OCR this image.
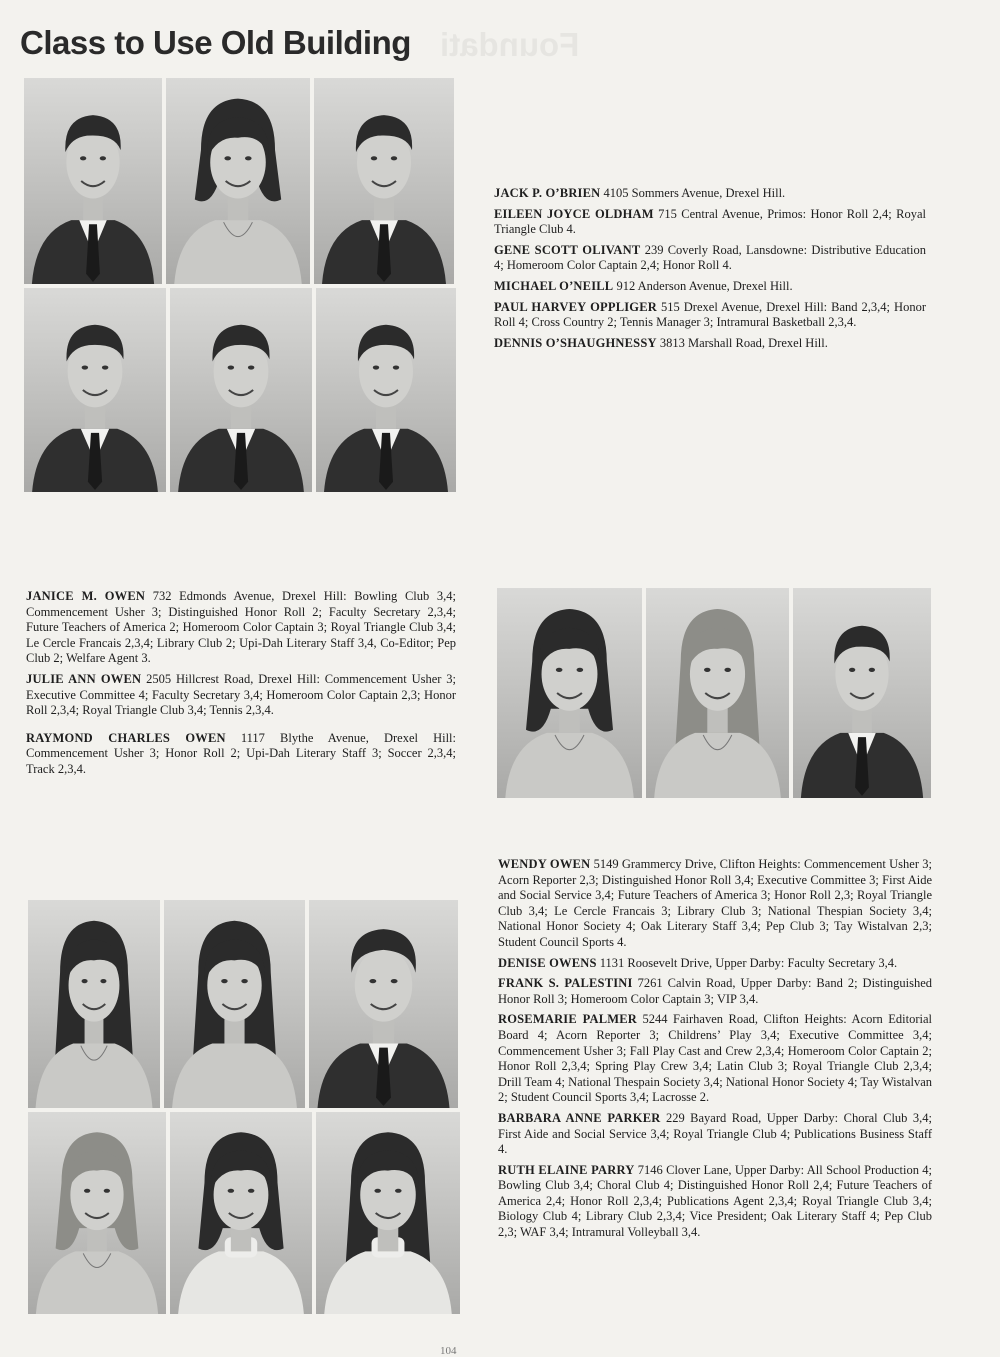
Class to Use Old Building Foundati

JACK P. O’BRIEN 4105 Sommers Avenue, Drexel Hill.

EILEEN JOYCE OLDHAM 715 Central Avenue, Primos: Honor Roll 2,4; Royal Triangle Club 4.

GENE SCOTT OLIVANT 239 Coverly Road, Lansdowne: Distributive Education 4; Homeroom Color Captain 2,4; Honor Roll 4.

MICHAEL O’NEILL 912 Anderson Avenue, Drexel Hill.

PAUL HARVEY OPPLIGER 515 Drexel Avenue, Drexel Hill: Band 2,3,4; Honor Roll 4; Cross Country 2; Tennis Manager 3; Intramural Basketball 2,3,4.

DENNIS O’SHAUGHNESSY 3813 Marshall Road, Drexel Hill.

JANICE M. OWEN 732 Edmonds Avenue, Drexel Hill: Bowling Club 3,4; Commencement Usher 3; Distinguished Honor Roll 2; Faculty Secretary 2,3,4; Future Teachers of America 2; Homeroom Color Captain 3; Royal Triangle Club 3,4; Le Cercle Francais 2,3,4; Library Club 2; Upi-Dah Literary Staff 3,4, Co-Editor; Pep Club 2; Welfare Agent 3.

JULIE ANN OWEN 2505 Hillcrest Road, Drexel Hill: Commencement Usher 3; Executive Committee 4; Faculty Secretary 3,4; Homeroom Color Captain 2,3; Honor Roll 2,3,4; Royal Triangle Club 3,4; Tennis 2,3,4.

RAYMOND CHARLES OWEN 1117 Blythe Avenue, Drexel Hill: Commencement Usher 3; Honor Roll 2; Upi-Dah Literary Staff 3; Soccer 2,3,4; Track 2,3,4.

WENDY OWEN 5149 Grammercy Drive, Clifton Heights: Commencement Usher 3; Acorn Reporter 2,3; Distinguished Honor Roll 3,4; Executive Committee 3; First Aide and Social Service 3,4; Future Teachers of America 3; Honor Roll 2,3; Royal Triangle Club 3,4; Le Cercle Francais 3; Library Club 3; National Thespian Society 3,4; National Honor Society 4; Oak Literary Staff 3,4; Pep Club 3; Tay Wistalvan 2,3; Student Council Sports 4.

DENISE OWENS 1131 Roosevelt Drive, Upper Darby: Faculty Secretary 3,4.

FRANK S. PALESTINI 7261 Calvin Road, Upper Darby: Band 2; Distinguished Honor Roll 3; Homeroom Color Captain 3; VIP 3,4.

ROSEMARIE PALMER 5244 Fairhaven Road, Clifton Heights: Acorn Editorial Board 4; Acorn Reporter 3; Childrens’ Play 3,4; Executive Committee 3,4; Commencement Usher 3; Fall Play Cast and Crew 2,3,4; Homeroom Color Captain 2; Honor Roll 2,3,4; Spring Play Crew 3,4; Latin Club 3; Royal Triangle Club 2,3,4; Drill Team 4; National Thespain Society 3,4; National Honor Society 4; Tay Wistalvan 2; Student Council Sports 3,4; Lacrosse 2.

BARBARA ANNE PARKER 229 Bayard Road, Upper Darby: Choral Club 3,4; First Aide and Social Service 3,4; Royal Triangle Club 4; Publications Business Staff 4.

RUTH ELAINE PARRY 7146 Clover Lane, Upper Darby: All School Production 4; Bowling Club 3,4; Choral Club 4; Distinguished Honor Roll 2,4; Future Teachers of America 2,4; Honor Roll 2,3,4; Publications Agent 2,3,4; Royal Triangle Club 3,4; Biology Club 4; Library Club 2,3,4; Vice President; Oak Literary Staff 4; Pep Club 2,3; WAF 3,4; Intramural Volleyball 3,4.

104
